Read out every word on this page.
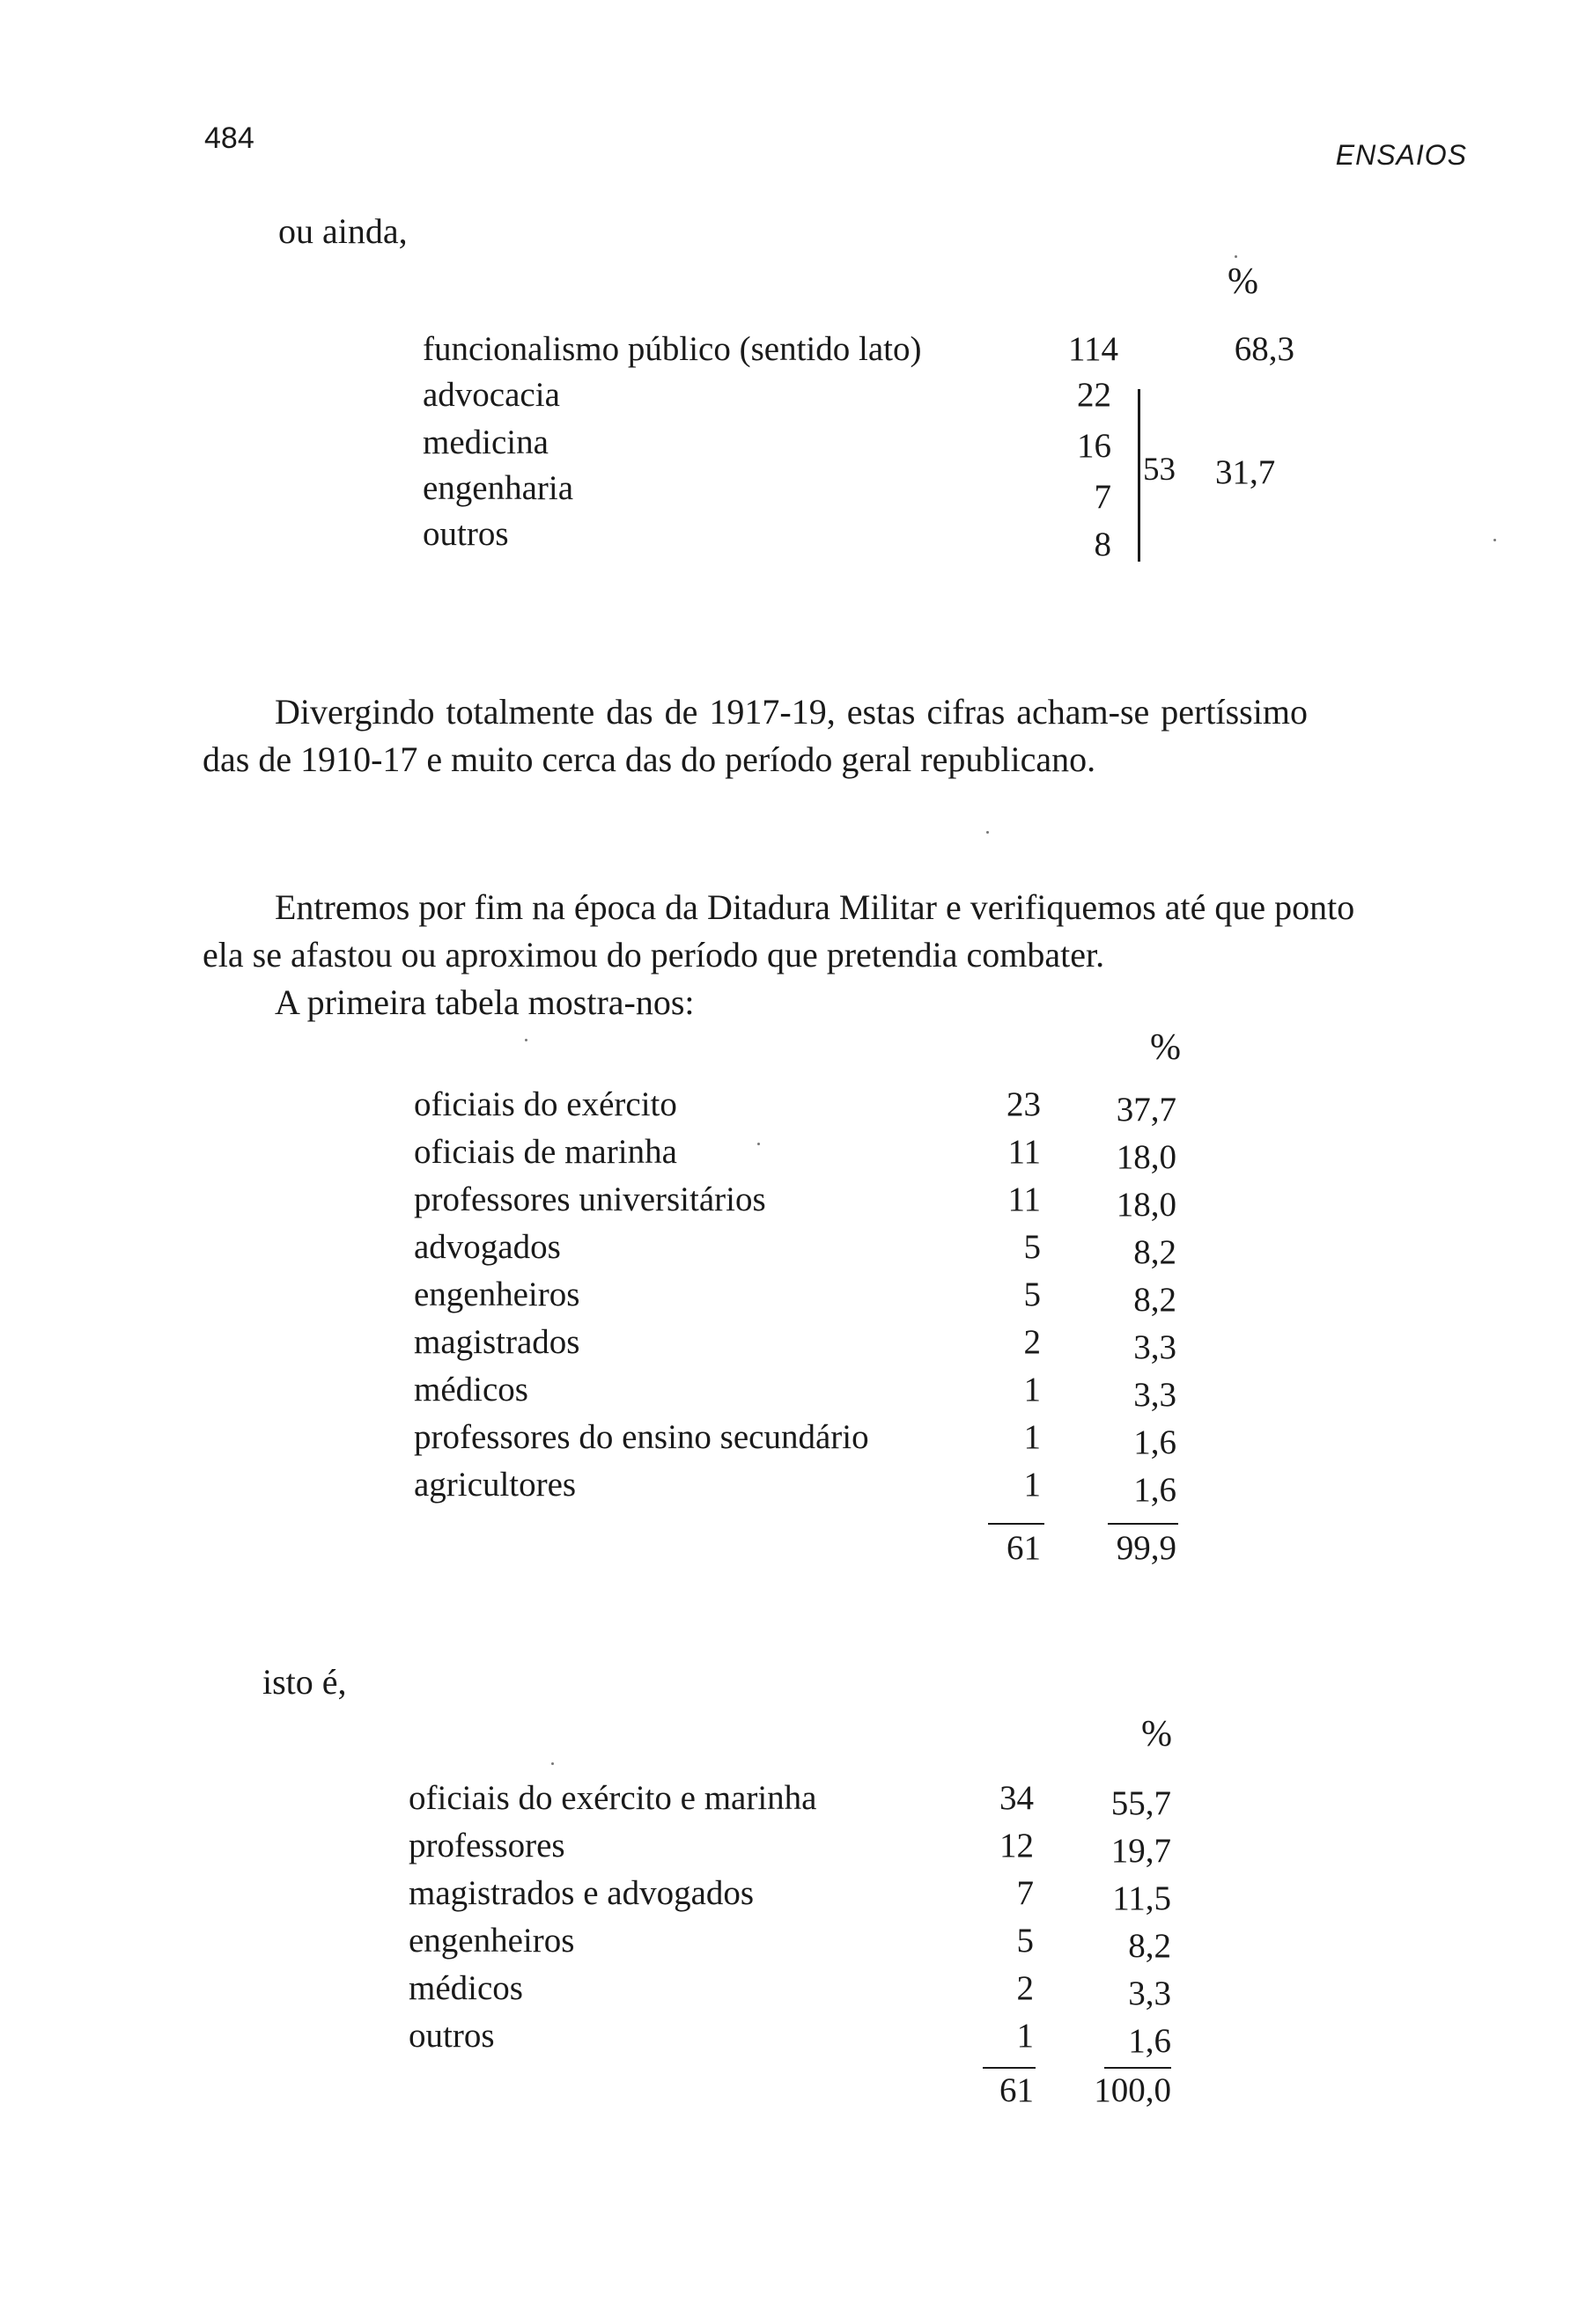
484	ENSAIOS
ou ainda,
%
funcionalismo público (sentido lato)	114	68,3
advocacia	22
medicina	16
engenharia	7
outros	8
53 31,7

Divergindo totalmente das de 1917-19, estas cifras acham-se pertíssimo

das de 1910-17 e muito cerca das do período geral republicano.

Entremos por fim na época da Ditadura Militar e verifiquemos até que ponto

ela se afastou ou aproximou do período que pretendia combater.

A primeira tabela mostra-nos:

%
oficiais do exército	23	37,7
oficiais de marinha	11	18,0
professores universitários	11	18,0
advogados	5	8,2
engenheiros	5	8,2
magistrados	2	3,3
médicos	1	3,3
professores do ensino secundário	1	1,6
agricultores	1	1,6
61	99,9
isto é,
%
oficiais do exército e marinha	34	55,7
professores	12	19,7
magistrados e advogados	7	11,5
engenheiros	5	8,2
médicos	2	3,3
outros	1	1,6
61	100,0
